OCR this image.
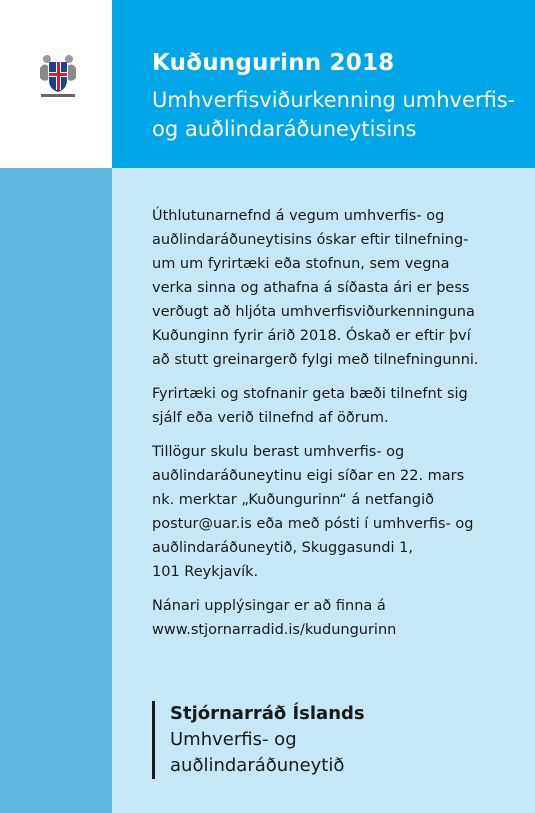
Kuðungurinn 2018
Umhverfisviðurkenning umhverfis-
og auðlindaráðuneytisins

Úthlutunarnefnd á vegum umhverfis- og
auðlindaráðuneytisins óskar eftir tilnefning-
um um fyrirtæki eða stofnun, sem vegna
verka sinna og athafna á síðasta ári er þess
verðugt að hljóta umhverfisviðurkenninguna
Kuðunginn fyrir árið 2018. Óskað er eftir því
að stutt greinargerð fylgi með tilnefningunni.

Fyrirtæki og stofnanir geta bæði tilnefnt sig
sjálf eða verið tilnefnd af öðrum.

Tillögur skulu berast umhverfis- og
auðlindaráðuneytinu eigi síðar en 22. mars
nk. merktar „Kuðungurinn“ á netfangið
postur@uar.is eða með pósti í umhverfis- og
auðlindaráðuneytið, Skuggasundi 1,
101 Reykjavík.

Nánari upplýsingar er að finna á
www.stjornarradid.is/kudungurinn

Stjórnarráð Íslands
Umhverfis- og
auðlindaráðuneytið
